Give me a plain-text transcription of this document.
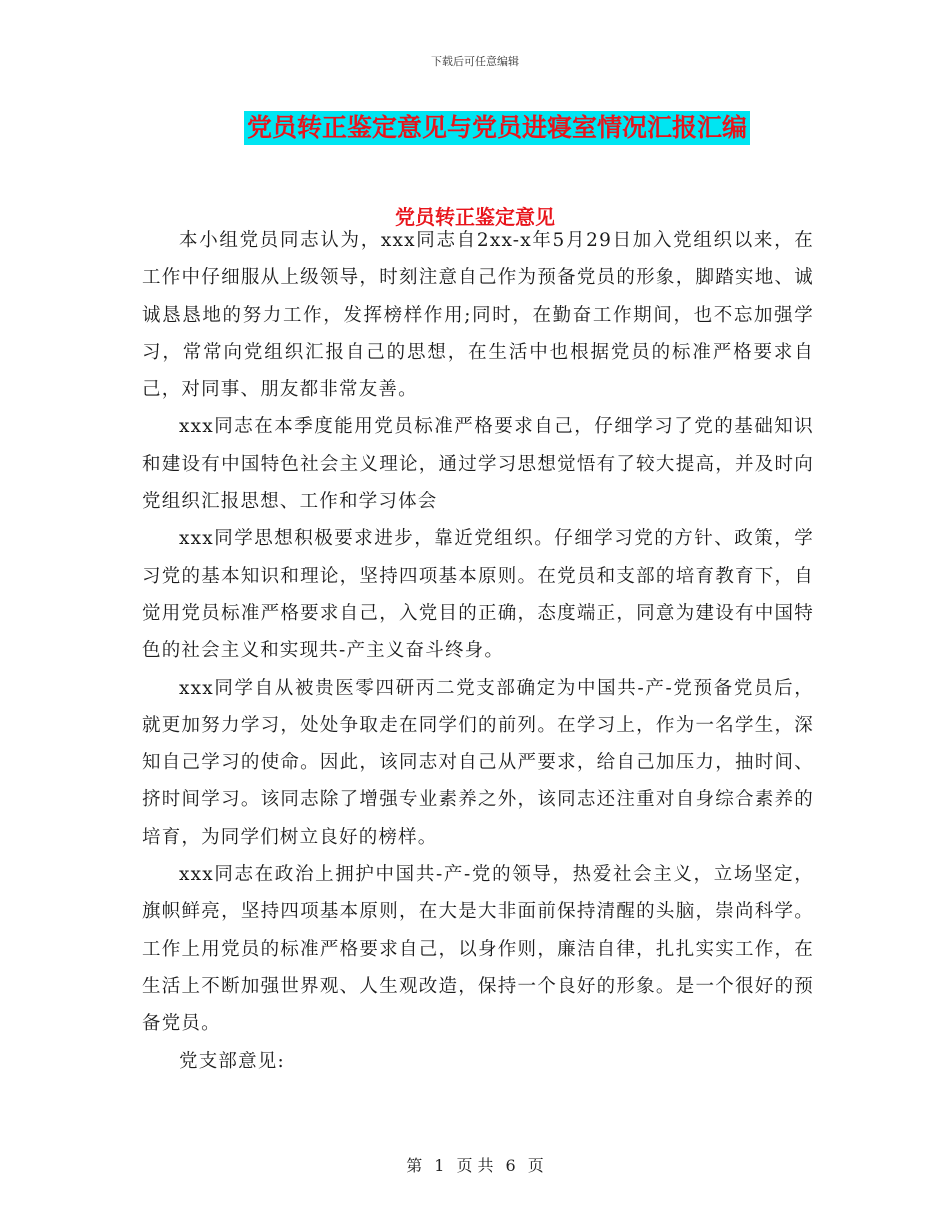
下载后可任意编辑
党员转正鉴定意见与党员进寝室情况汇报汇编
党员转正鉴定意见

本小组党员同志认为，xxx同志自2xx-x年5月29日加入党组织以来，在工作中仔细服从上级领导，时刻注意自己作为预备党员的形象，脚踏实地、诚诚恳恳地的努力工作，发挥榜样作用;同时，在勤奋工作期间，也不忘加强学习，常常向党组织汇报自己的思想，在生活中也根据党员的标准严格要求自己，对同事、朋友都非常友善。

xxx同志在本季度能用党员标准严格要求自己，仔细学习了党的基础知识和建设有中国特色社会主义理论，通过学习思想觉悟有了较大提高，并及时向党组织汇报思想、工作和学习体会

xxx同学思想积极要求进步，靠近党组织。仔细学习党的方针、政策，学习党的基本知识和理论，坚持四项基本原则。在党员和支部的培育教育下，自觉用党员标准严格要求自己，入党目的正确，态度端正，同意为建设有中国特色的社会主义和实现共-产主义奋斗终身。

xxx同学自从被贵医零四研丙二党支部确定为中国共-产-党预备党员后，就更加努力学习，处处争取走在同学们的前列。在学习上，作为一名学生，深知自己学习的使命。因此，该同志对自己从严要求，给自己加压力，抽时间、挤时间学习。该同志除了增强专业素养之外，该同志还注重对自身综合素养的培育，为同学们树立良好的榜样。

xxx同志在政治上拥护中国共-产-党的领导，热爱社会主义，立场坚定，旗帜鲜亮，坚持四项基本原则，在大是大非面前保持清醒的头脑，崇尚科学。工作上用党员的标准严格要求自己，以身作则，廉洁自律，扎扎实实工作，在生活上不断加强世界观、人生观改造，保持一个良好的形象。是一个很好的预备党员。

党支部意见:

第 1 页 共 6 页
